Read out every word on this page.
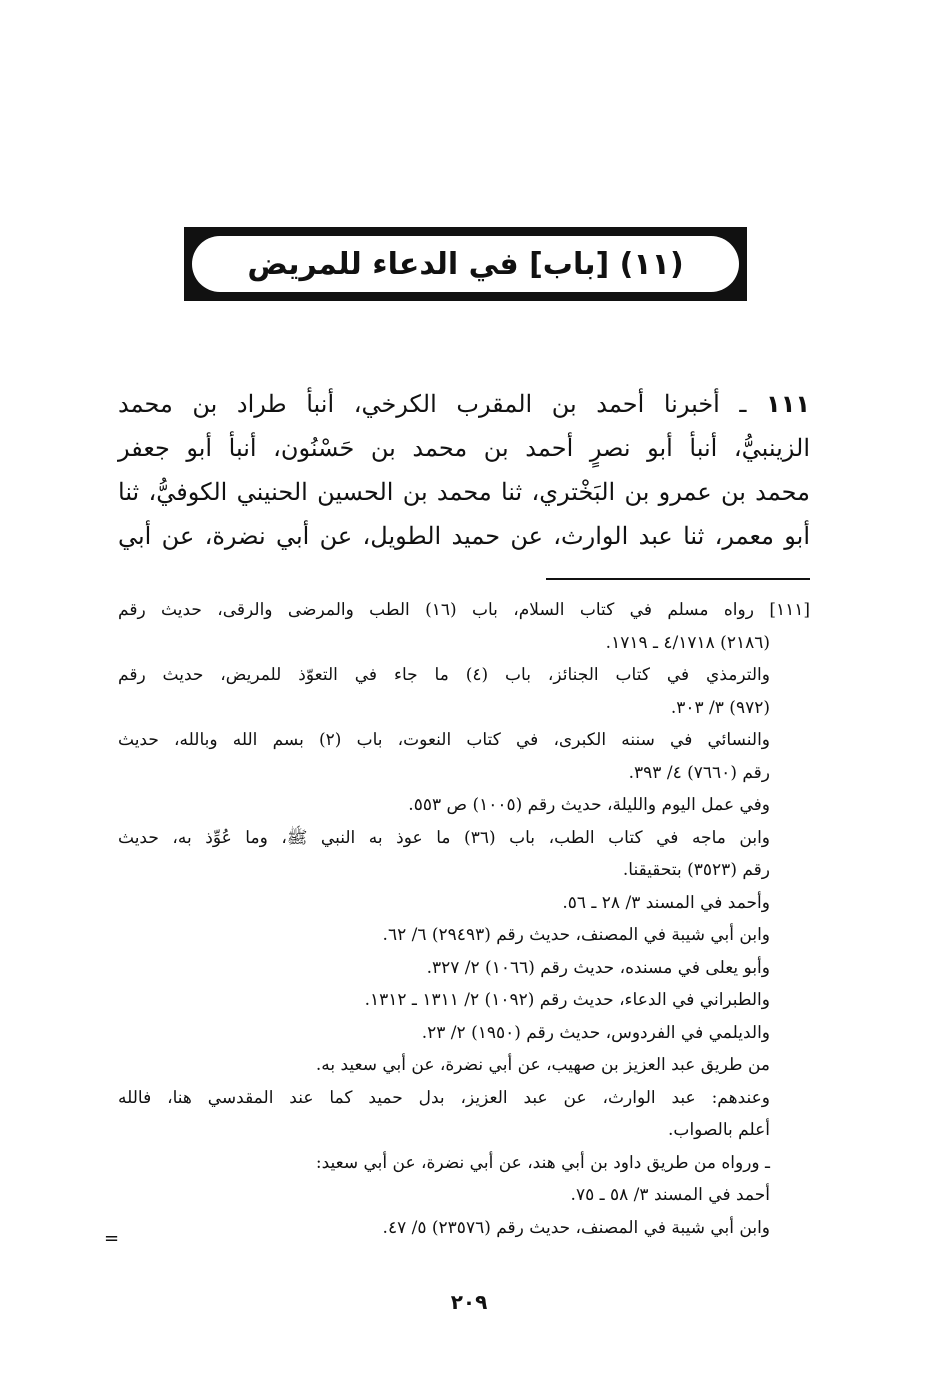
(١١) [باب] في الدعاء للمريض
١١١ ـ أخبرنا أحمد بن المقرب الكرخي، أنبأ طراد بن محمد
الزينبيُّ، أنبأ أبو نصرٍ أحمد بن محمد بن حَسْنُون، أنبأ أبو جعفر
محمد بن عمرو بن البَخْتري، ثنا محمد بن الحسين الحنيني الكوفيُّ، ثنا
أبو معمر، ثنا عبد الوارث، عن حميد الطويل، عن أبي نضرة، عن أبي
[١١١] رواه مسلم في كتاب السلام، باب (١٦) الطب والمرضى والرقى، حديث رقم
(٢١٨٦) ٤/١٧١٨ ـ ١٧١٩.
والترمذي في كتاب الجنائز، باب (٤) ما جاء في التعوّذ للمريض، حديث رقم
(٩٧٢) ٣/ ٣٠٣.
والنسائي في سننه الكبرى، في كتاب النعوت، باب (٢) بسم الله وبالله، حديث
رقم (٧٦٦٠) ٤/ ٣٩٣.
وفي عمل اليوم والليلة، حديث رقم (١٠٠٥) ص ٥٥٣.
وابن ماجه في كتاب الطب، باب (٣٦) ما عوذ به النبي ﷺ، وما عُوِّذ به، حديث
رقم (٣٥٢٣) بتحقيقنا.
وأحمد في المسند ٣/ ٢٨ ـ ٥٦.
وابن أبي شيبة في المصنف، حديث رقم (٢٩٤٩٣) ٦/ ٦٢.
وأبو يعلى في مسنده، حديث رقم (١٠٦٦) ٢/ ٣٢٧.
والطبراني في الدعاء، حديث رقم (١٠٩٢) ٢/ ١٣١١ ـ ١٣١٢.
والديلمي في الفردوس، حديث رقم (١٩٥٠) ٢/ ٢٣.
من طريق عبد العزيز بن صهيب، عن أبي نضرة، عن أبي سعيد به.
وعندهم: عبد الوارث، عن عبد العزيز، بدل حميد كما عند المقدسي هنا، فالله
أعلم بالصواب.
ـ ورواه من طريق داود بن أبي هند، عن أبي نضرة، عن أبي سعيد:
أحمد في المسند ٣/ ٥٨ ـ ٧٥.
وابن أبي شيبة في المصنف، حديث رقم (٢٣٥٧٦) ٥/ ٤٧.
=
٢٠٩
